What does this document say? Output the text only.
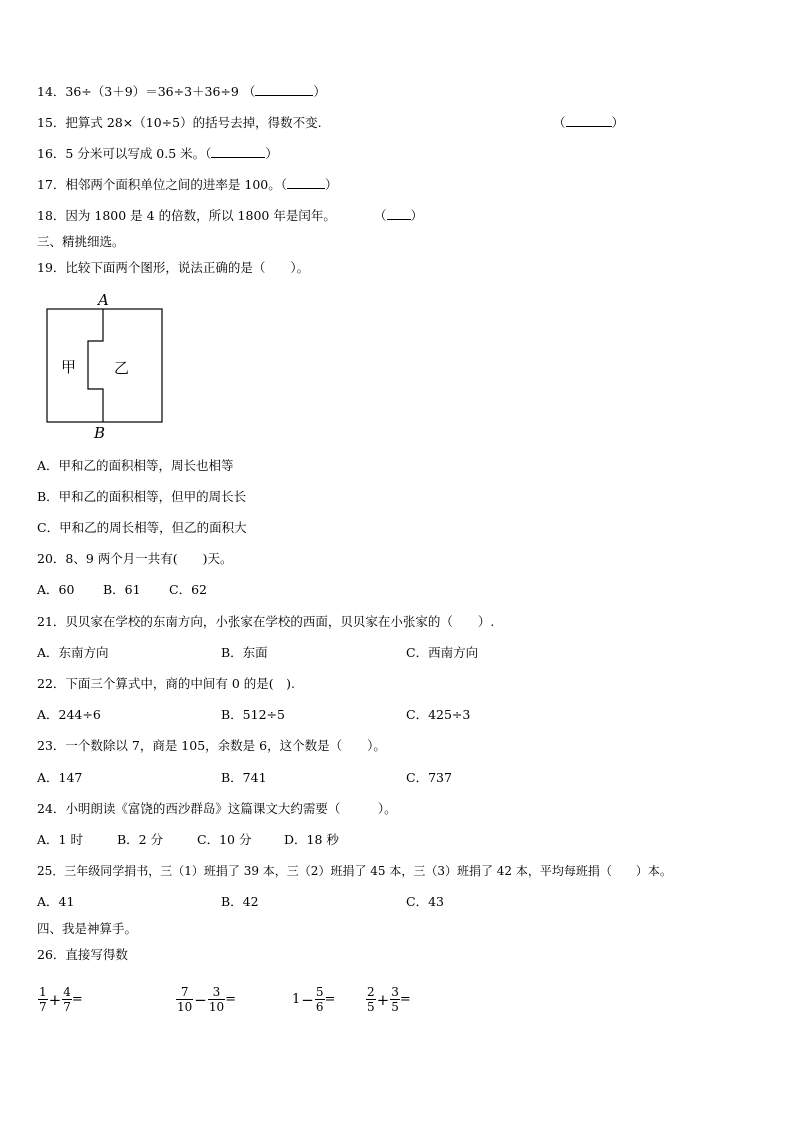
14．36÷（3＋9）＝36÷3＋36÷9 （	）
15．把算式 28×（10÷5）的括号去掉，得数不变.	（	）
16．5 分米可以写成 0.5 米。（	）
17．相邻两个面积单位之间的进率是 100。（	）
18．因为 1800 是 4 的倍数，所以 1800 年是闰年。	（ ）
三、精挑细选。
19．比较下面两个图形，说法正确的是（　　）。
A
B
甲	乙
A．甲和乙的面积相等，周长也相等
B．甲和乙的面积相等，但甲的周长长
C．甲和乙的周长相等，但乙的面积大
20．8、9 两个月一共有(　　)天。
A．60 B．61 C．62
21．贝贝家在学校的东南方向，小张家在学校的西面，贝贝家在小张家的（　　）.
A．东南方向	B．东面	C．西南方向
22．下面三个算式中，商的中间有 0 的是(　).
A．244÷6	B．512÷5	C．425÷3
23．一个数除以 7，商是 105，余数是 6，这个数是（　　）。
A．147	B．741	C．737
24．小明朗读《富饶的西沙群岛》这篇课文大约需要（　　　）。
A．1 时	B．2 分	C．10 分	D．18 秒
25．三年级同学捐书，三（1）班捐了 39 本，三（2）班捐了 45 本，三（3）班捐了 42 本，平均每班捐（　　）本。
A．41	B．42	C．43
四、我是神算手。
26．直接写得数
$\frac{1}{7} + \frac{4}{7}$ =	$\frac{7}{10} - \frac{3}{10}$ =	$1- \frac{5}{6}$ =	$\frac{2}{5} + \frac{3}{5}$ =
